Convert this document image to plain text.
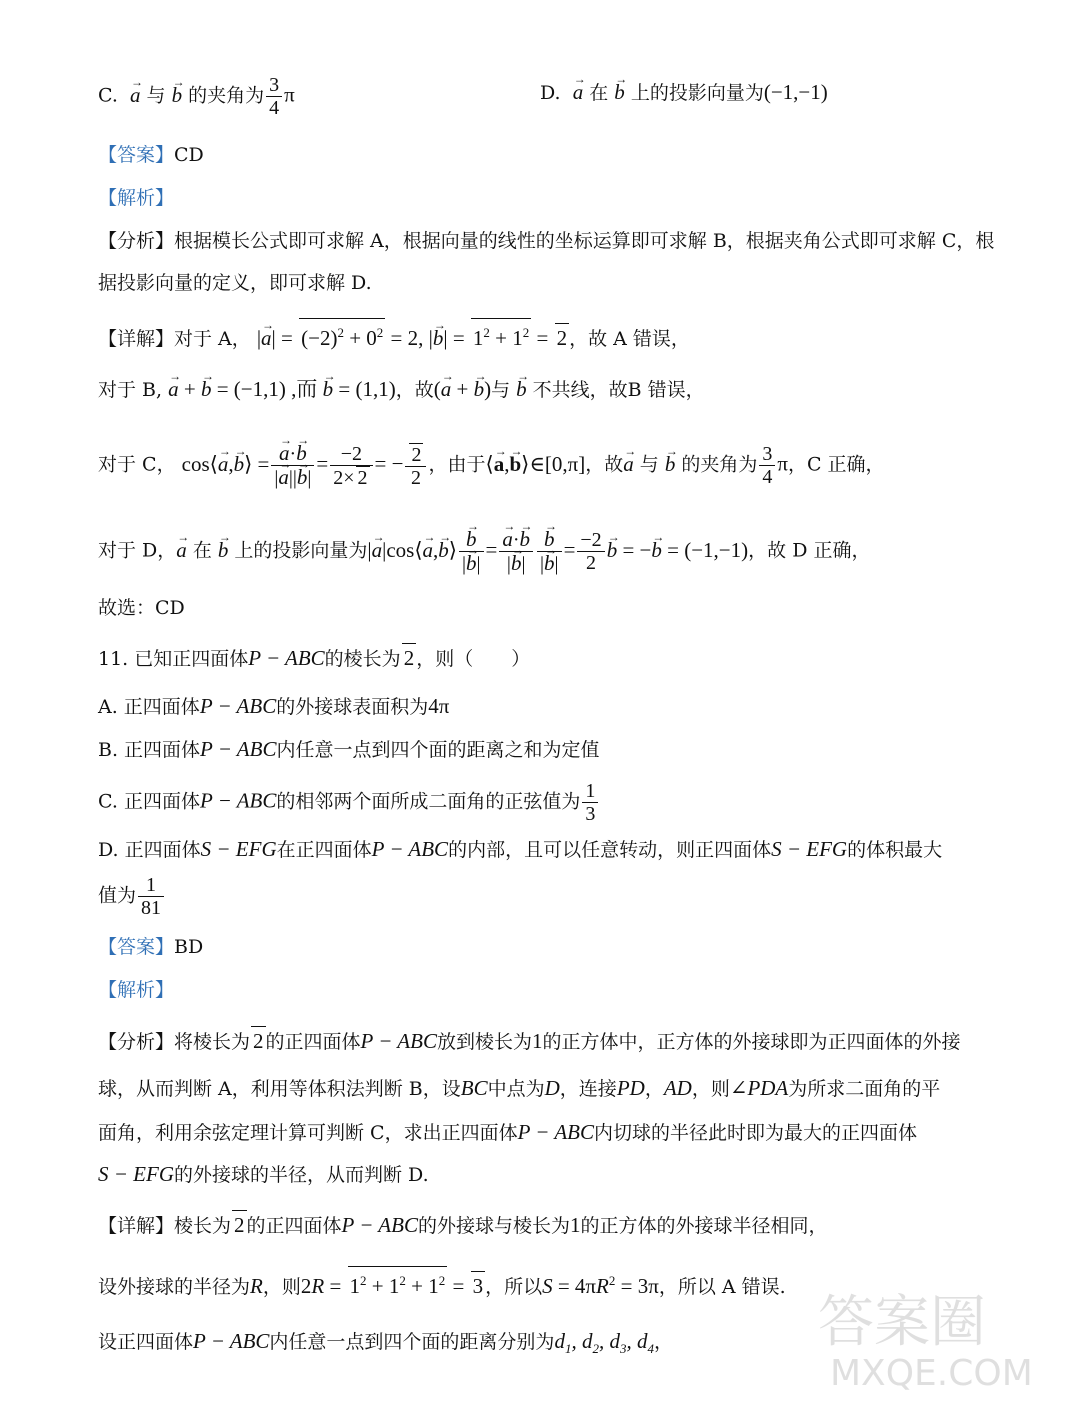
C.  → a 与 → b 的夹角为 $\frac{3}{4}$ π	D.  → a 在 → b 上的投影向量为(−1,−1)
【答案】CD
【解析】
【分析】根据模长公式即可求解 A，根据向量的线性的坐标运算即可求解 B，根据夹角公式即可求解 C，根
据投影向量的定义，即可求解 D.
【详解】对于 A， |→ $a| = (-2)^2 + 0^2 = 2$, |→ $b| = 1^2 + 1^2 = 2$ ，故 A 错误，
对于 B, → a + → b = (−1,1) ,而 → b = (1,1)，故(→ a + → b)与 → b 不共线，故B 错误，
对于 C， cos⟨→ a,→ b⟩ =
→ $\frac{a\cdot\to b}{|\to a||\to b|} = \frac{-2}{2\times 2}$ = − $\frac{2}{2}$ ，由于⟨→ a,→ b⟩∈[0,π]，故→ a 与 → b 的夹角为 $\frac{3}{4}$ π，C 正确，
对于 D，→ a 在 → b 上的投影向量为|→ a|cos⟨→ a,→ b⟩
→ $\frac{b}{|\to b|}$ =
→ $\frac{a\cdot\to b}{|\to b|}$
→ $\frac{b}{|\to b|} = \frac{-2}{2}$
→ b = −→ b = (−1,−1)，故 D 正确，
故选：CD
11. 已知正四面体P − ABC的棱长为 2 ，则（　　）
A. 正四面体P − ABC的外接球表面积为4π
B. 正四面体P − ABC内任意一点到四个面的距离之和为定值
C. 正四面体P − ABC的相邻两个面所成二面角的正弦值为 $\frac{1}{3}$
D. 正四面体S − EFG在正四面体P − ABC的内部，且可以任意转动，则正四面体S − EFG的体积最大
值为 $\frac{1}{81}$
【答案】BD
【解析】
【分析】将棱长为 2 的正四面体P − ABC放到棱长为1的正方体中，正方体的外接球即为正四面体的外接
球，从而判断 A，利用等体积法判断 B，设BC中点为D，连接PD，AD，则∠PDA为所求二面角的平
面角，利用余弦定理计算可判断 C，求出正四面体P − ABC内切球的半径此时即为最大的正四面体
S − EFG的外接球的半径，从而判断 D.
【详解】棱长为 2 的正四面体P − ABC的外接球与棱长为1的正方体的外接球半径相同，
设外接球的半径为R，则$2R = 1^2 + 1^2 + 1^2 = 3$ ，所以$S = 4\pi R^2 = 3\pi$，所以 A 错误.
设正四面体P − ABC内任意一点到四个面的距离分别为$d_1$, $d_2$, $d_3$, $d_4$，	答案圈
MXQE.COM
